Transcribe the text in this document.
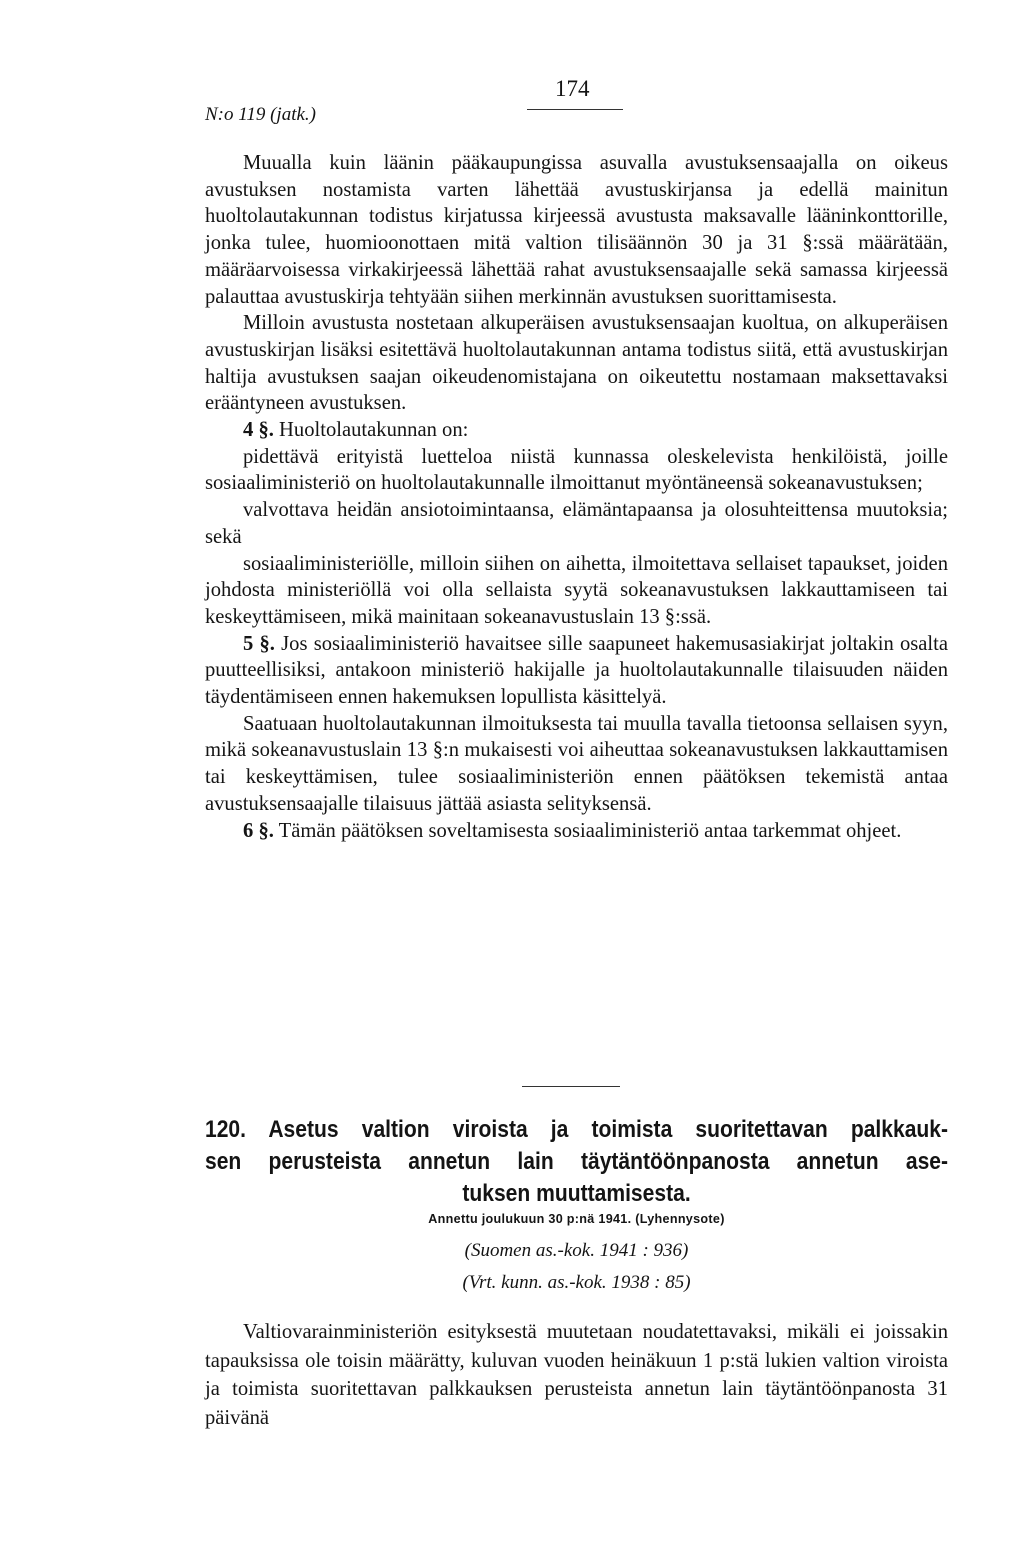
N:o 119 (jatk.)
174

Muualla kuin läänin pääkaupungissa asuvalla avustuksensaajalla on oikeus avustuksen nostamista varten lähettää avustuskirjansa ja edellä mainitun huoltolautakunnan todistus kirjatussa kirjeessä avustusta maksavalle lääninkonttorille, jonka tulee, huomioonottaen mitä valtion tilisäännön 30 ja 31 §:ssä määrätään, määräarvoisessa virkakirjeessä lähettää rahat avustuksensaajalle sekä samassa kirjeessä palauttaa avustuskirja tehtyään siihen merkinnän avustuksen suorittamisesta.

Milloin avustusta nostetaan alkuperäisen avustuksensaajan kuoltua, on alkuperäisen avustuskirjan lisäksi esitettävä huoltolautakunnan antama todistus siitä, että avustuskirjan haltija avustuksen saajan oikeudenomistajana on oikeutettu nostamaan maksettavaksi erääntyneen avustuksen.

4 §. Huoltolautakunnan on:

pidettävä erityistä luetteloa niistä kunnassa oleskelevista henkilöistä, joille sosiaaliministeriö on huoltolautakunnalle ilmoittanut myöntäneensä sokeanavustuksen;

valvottava heidän ansiotoimintaansa, elämäntapaansa ja olosuhteittensa muutoksia; sekä

sosiaaliministeriölle, milloin siihen on aihetta, ilmoitettava sellaiset tapaukset, joiden johdosta ministeriöllä voi olla sellaista syytä sokeanavustuksen lakkauttamiseen tai keskeyttämiseen, mikä mainitaan sokeanavustuslain 13 §:ssä.

5 §. Jos sosiaaliministeriö havaitsee sille saapuneet hakemusasiakirjat joltakin osalta puutteellisiksi, antakoon ministeriö hakijalle ja huoltolautakunnalle tilaisuuden näiden täydentämiseen ennen hakemuksen lopullista käsittelyä.

Saatuaan huoltolautakunnan ilmoituksesta tai muulla tavalla tietoonsa sellaisen syyn, mikä sokeanavustuslain 13 §:n mukaisesti voi aiheuttaa sokeanavustuksen lakkauttamisen tai keskeyttämisen, tulee sosiaaliministeriön ennen päätöksen tekemistä antaa avustuksensaajalle tilaisuus jättää asiasta selityksensä.

6 §. Tämän päätöksen soveltamisesta sosiaaliministeriö antaa tarkemmat ohjeet.

120. Asetus valtion viroista ja toimista suoritettavan palkkauk-
sen perusteista annetun lain täytäntöönpanosta annetun ase-
tuksen muuttamisesta.
Annettu joulukuun 30 p:nä 1941. (Lyhennysote)
(Suomen as.-kok. 1941 : 936)
(Vrt. kunn. as.-kok. 1938 : 85)

Valtiovarainministeriön esityksestä muutetaan noudatettavaksi, mikäli ei joissakin tapauksissa ole toisin määrätty, kuluvan vuoden heinäkuun 1 p:stä lukien valtion viroista ja toimista suoritettavan palkkauksen perusteista annetun lain täytäntöönpanosta 31 päivänä
